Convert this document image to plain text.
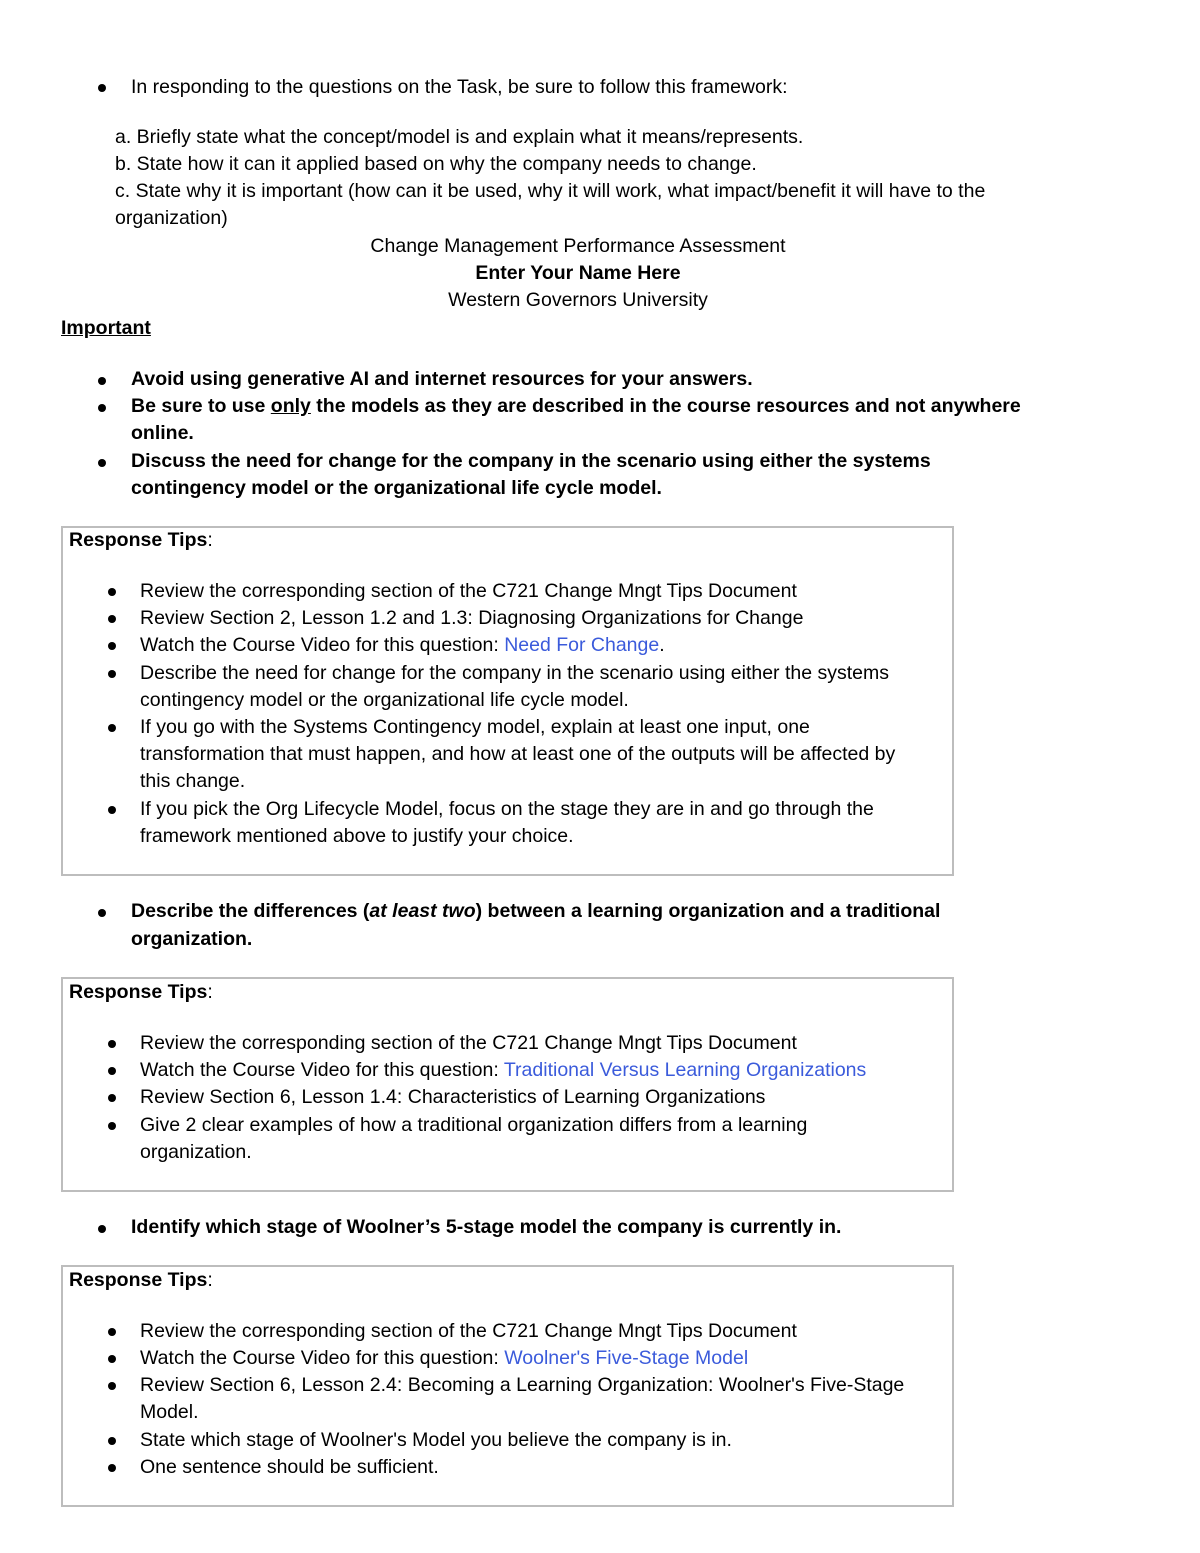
In responding to the questions on the Task, be sure to follow this framework:
a. Briefly state what the concept/model is and explain what it means/represents.
b. State how it can it applied based on why the company needs to change.
c. State why it is important (how can it be used, why it will work, what impact/benefit it will have to the
organization)
Change Management Performance Assessment
Enter Your Name Here
Western Governors University
Important
Avoid using generative AI and internet resources for your answers.
Be sure to use only the models as they are described in the course resources and not anywhere
online.
Discuss the need for change for the company in the scenario using either the systems
contingency model or the organizational life cycle model.
Response Tips:
Review the corresponding section of the C721 Change Mngt Tips Document
Review Section 2, Lesson 1.2 and 1.3: Diagnosing Organizations for Change
Watch the Course Video for this question: Need For Change.
Describe the need for change for the company in the scenario using either the systems
contingency model or the organizational life cycle model.
If you go with the Systems Contingency model, explain at least one input, one
transformation that must happen, and how at least one of the outputs will be affected by
this change.
If you pick the Org Lifecycle Model, focus on the stage they are in and go through the
framework mentioned above to justify your choice.
Describe the differences (at least two) between a learning organization and a traditional
organization.
Response Tips:
Review the corresponding section of the C721 Change Mngt Tips Document
Watch the Course Video for this question: Traditional Versus Learning Organizations
Review Section 6, Lesson 1.4: Characteristics of Learning Organizations
Give 2 clear examples of how a traditional organization differs from a learning
organization.
Identify which stage of Woolner’s 5-stage model the company is currently in.
Response Tips:
Review the corresponding section of the C721 Change Mngt Tips Document
Watch the Course Video for this question: Woolner's Five-Stage Model
Review Section 6, Lesson 2.4: Becoming a Learning Organization: Woolner's Five-Stage
Model.
State which stage of Woolner's Model you believe the company is in.
One sentence should be sufficient.
